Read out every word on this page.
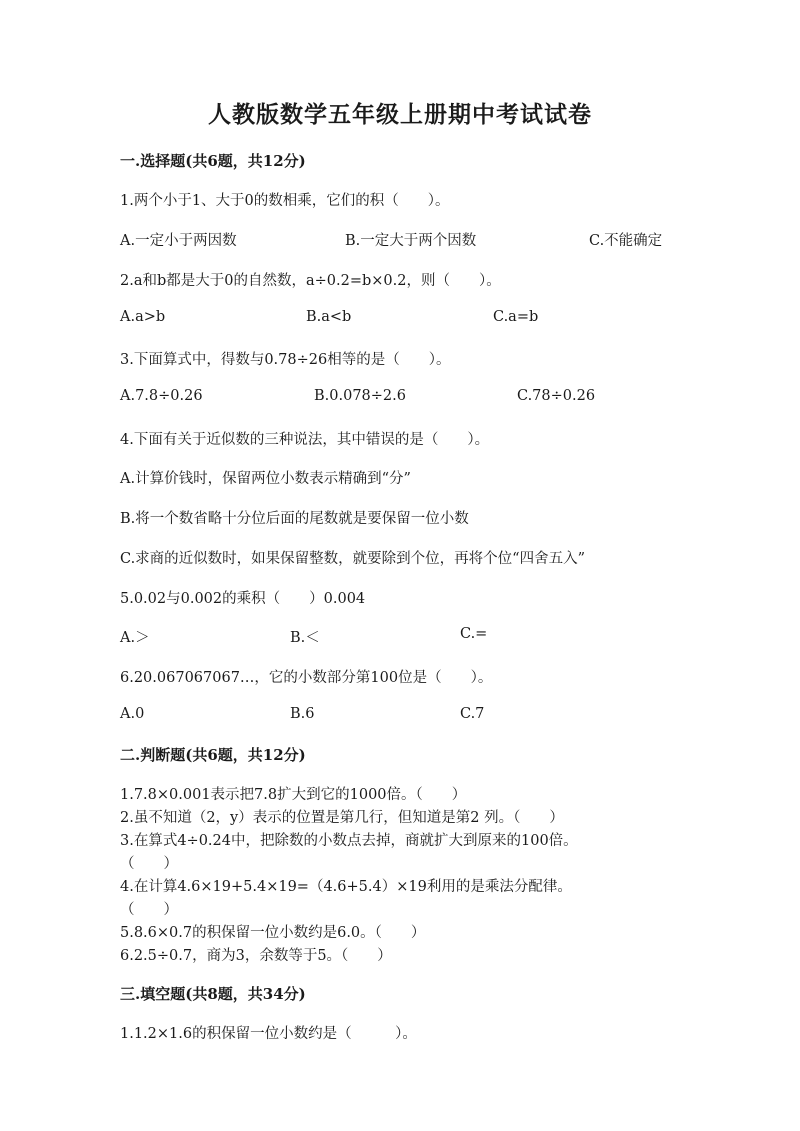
人教版数学五年级上册期中考试试卷
一.选择题(共6题，共12分)
1.两个小于1、大于0的数相乘，它们的积（　　）。
A.一定小于两因数	B.一定大于两个因数	C.不能确定
2.a和b都是大于0的自然数，a÷0.2=b×0.2，则（　　）。
A.a>b	B.a<b	C.a=b
3.下面算式中，得数与0.78÷26相等的是（　　）。
A.7.8÷0.26	B.0.078÷2.6	C.78÷0.26
4.下面有关于近似数的三种说法，其中错误的是（　　）。
A.计算价钱时，保留两位小数表示精确到“分”
B.将一个数省略十分位后面的尾数就是要保留一位小数
C.求商的近似数时，如果保留整数，就要除到个位，再将个位“四舍五入”
5.0.02与0.002的乘积（　　）0.004
A.＞	B.＜	C.=
6.20.067067067…，它的小数部分第100位是（　　）。
A.0	B.6	C.7
二.判断题(共6题，共12分)
1.7.8×0.001表示把7.8扩大到它的1000倍。（　　）
2.虽不知道（2，y）表示的位置是第几行，但知道是第2 列。（　　）
3.在算式4÷0.24中，把除数的小数点去掉，商就扩大到原来的100倍。
（　　）
4.在计算4.6×19+5.4×19=（4.6+5.4）×19利用的是乘法分配律。
（　　）
5.8.6×0.7的积保留一位小数约是6.0。（　　）
6.2.5÷0.7，商为3，余数等于5。（　　）
三.填空题(共8题，共34分)
1.1.2×1.6的积保留一位小数约是（　　　）。
